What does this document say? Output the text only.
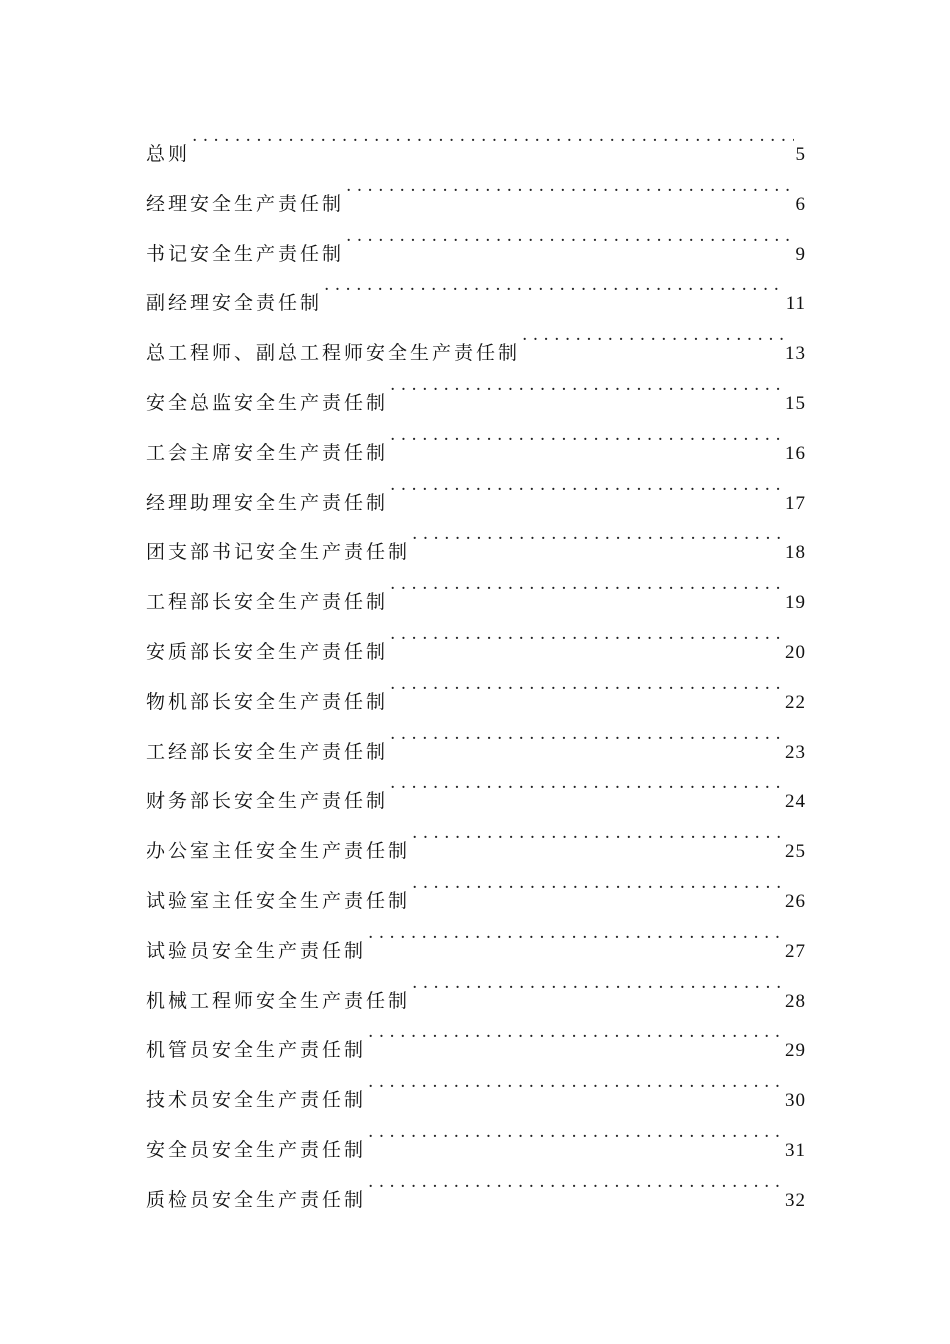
总则 .....	5
经理安全生产责任制 .....	6
书记安全生产责任制 .....	9
副经理安全责任制 .....	11
总工程师、副总工程师安全生产责任制 .....	13
安全总监安全生产责任制 .....	15
工会主席安全生产责任制 .....	16
经理助理安全生产责任制 .....	17
团支部书记安全生产责任制 .....	18
工程部长安全生产责任制 .....	19
安质部长安全生产责任制 .....	20
物机部长安全生产责任制 .....	22
工经部长安全生产责任制 .....	23
财务部长安全生产责任制 .....	24
办公室主任安全生产责任制 .....	25
试验室主任安全生产责任制 .....	26
试验员安全生产责任制 .....	27
机械工程师安全生产责任制 .....	28
机管员安全生产责任制 .....	29
技术员安全生产责任制 .....	30
安全员安全生产责任制 .....	31
质检员安全生产责任制 .....	32
